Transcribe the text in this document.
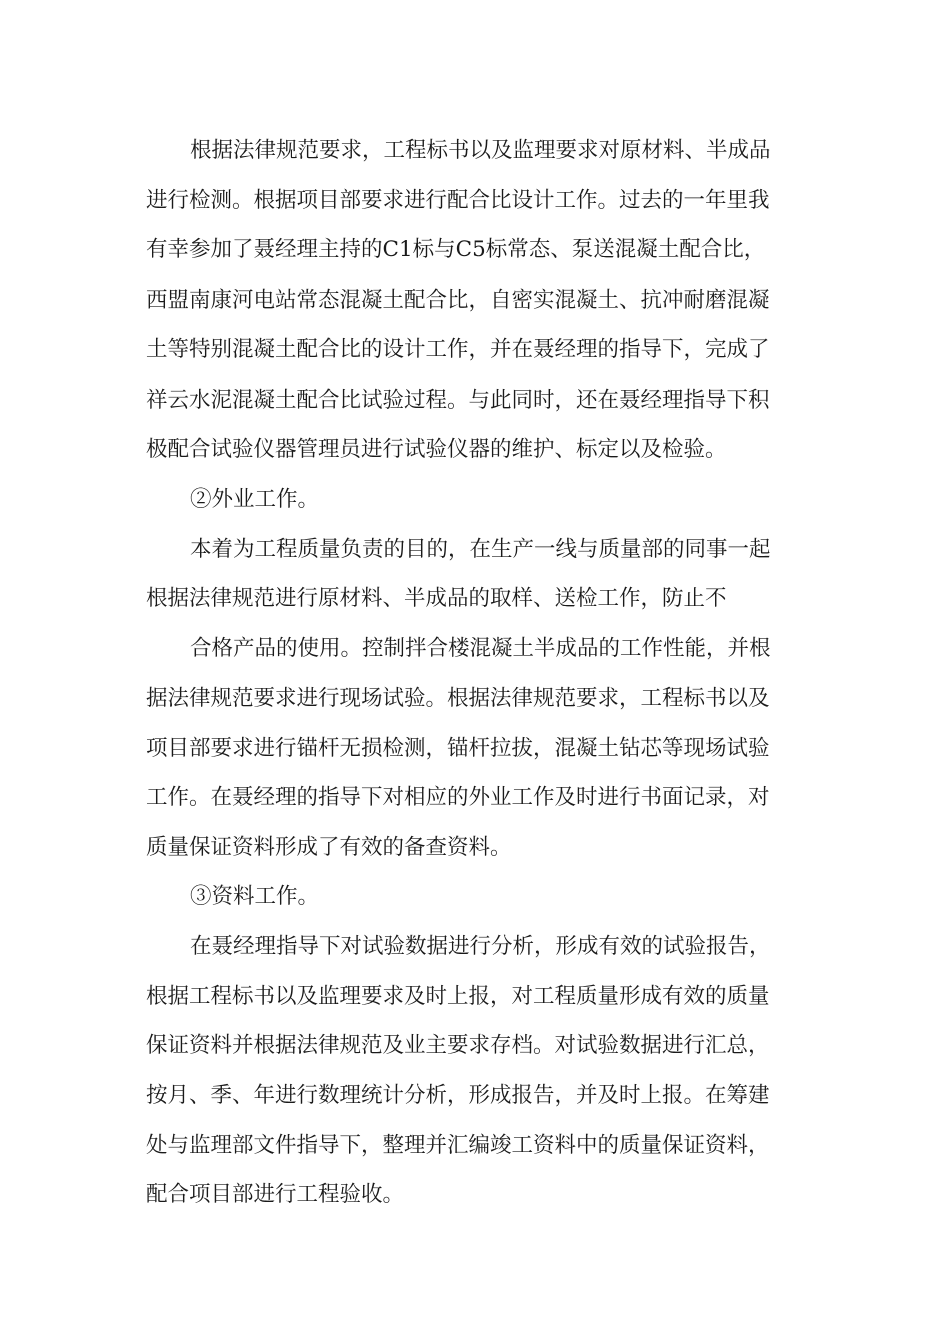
根据法律规范要求，工程标书以及监理要求对原材料、半成品
进行检测。根据项目部要求进行配合比设计工作。过去的一年里我
有幸参加了聂经理主持的C1标与C5标常态、泵送混凝土配合比，
西盟南康河电站常态混凝土配合比，自密实混凝土、抗冲耐磨混凝
土等特别混凝土配合比的设计工作，并在聂经理的指导下，完成了
祥云水泥混凝土配合比试验过程。与此同时，还在聂经理指导下积
极配合试验仪器管理员进行试验仪器的维护、标定以及检验。
②外业工作。
本着为工程质量负责的目的，在生产一线与质量部的同事一起
根据法律规范进行原材料、半成品的取样、送检工作，防止不
合格产品的使用。控制拌合楼混凝土半成品的工作性能，并根
据法律规范要求进行现场试验。根据法律规范要求，工程标书以及
项目部要求进行锚杆无损检测，锚杆拉拔，混凝土钻芯等现场试验
工作。在聂经理的指导下对相应的外业工作及时进行书面记录，对
质量保证资料形成了有效的备查资料。
③资料工作。
在聂经理指导下对试验数据进行分析，形成有效的试验报告，
根据工程标书以及监理要求及时上报，对工程质量形成有效的质量
保证资料并根据法律规范及业主要求存档。对试验数据进行汇总，
按月、季、年进行数理统计分析，形成报告，并及时上报。在筹建
处与监理部文件指导下，整理并汇编竣工资料中的质量保证资料，
配合项目部进行工程验收。
